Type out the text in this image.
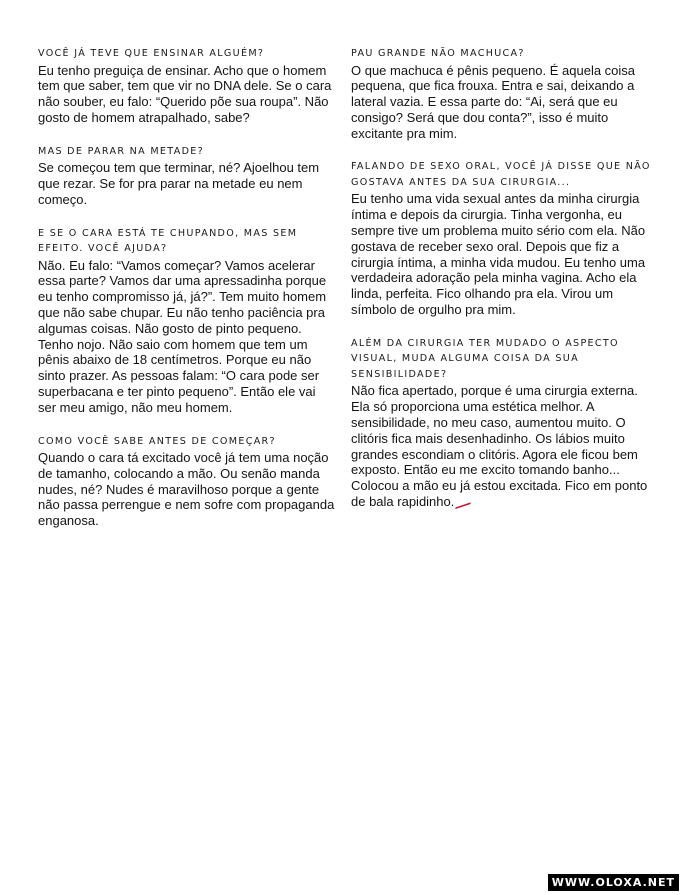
VOCÊ JÁ TEVE QUE ENSINAR ALGUÉM?

Eu tenho preguiça de ensinar. Acho que o homem tem que saber, tem que vir no DNA dele. Se o cara não souber, eu falo: “Querido põe sua roupa”. Não gosto de homem atrapalhado, sabe?

MAS DE PARAR NA METADE?

Se começou tem que terminar, né? Ajoelhou tem que rezar. Se for pra parar na metade eu nem começo.

E SE O CARA ESTÁ TE CHUPANDO, MAS SEM EFEITO. VOCÊ AJUDA?

Não. Eu falo: “Vamos começar? Vamos acelerar essa parte? Vamos dar uma apressadinha porque eu tenho compromisso já, já?”. Tem muito homem que não sabe chupar. Eu não tenho paciência pra algumas coisas. Não gosto de pinto pequeno. Tenho nojo. Não saio com homem que tem um pênis abaixo de 18 centímetros. Porque eu não sinto prazer. As pessoas falam: “O cara pode ser superbacana e ter pinto pequeno”. Então ele vai ser meu amigo, não meu homem.

COMO VOCÊ SABE ANTES DE COMEÇAR?

Quando o cara tá excitado você já tem uma noção de tamanho, colocando a mão. Ou senão manda nudes, né? Nudes é maravilhoso porque a gente não passa perrengue e nem sofre com propaganda enganosa.

PAU GRANDE NÃO MACHUCA?

O que machuca é pênis pequeno. É aquela coisa pequena, que fica frouxa. Entra e sai, deixando a lateral vazia. E essa parte do: “Ai, será que eu consigo? Será que dou conta?”, isso é muito excitante pra mim.

FALANDO DE SEXO ORAL, VOCÊ JÁ DISSE QUE NÃO GOSTAVA ANTES DA SUA CIRURGIA...

Eu tenho uma vida sexual antes da minha cirurgia íntima e depois da cirurgia. Tinha vergonha, eu sempre tive um problema muito sério com ela. Não gostava de receber sexo oral. Depois que fiz a cirurgia íntima, a minha vida mudou. Eu tenho uma verdadeira adoração pela minha vagina. Acho ela linda, perfeita. Fico olhando pra ela. Virou um símbolo de orgulho pra mim.

ALÉM DA CIRURGIA TER MUDADO O ASPECTO VISUAL, MUDA ALGUMA COISA DA SUA SENSIBILIDADE?

Não fica apertado, porque é uma cirurgia externa. Ela só proporciona uma estética melhor. A sensibilidade, no meu caso, aumentou muito. O clitóris fica mais desenhadinho. Os lábios muito grandes escondiam o clitóris. Agora ele ficou bem exposto. Então eu me excito tomando banho... Colocou a mão eu já estou excitada. Fico em ponto de bala rapidinho.

WWW.OLOXA.NET
